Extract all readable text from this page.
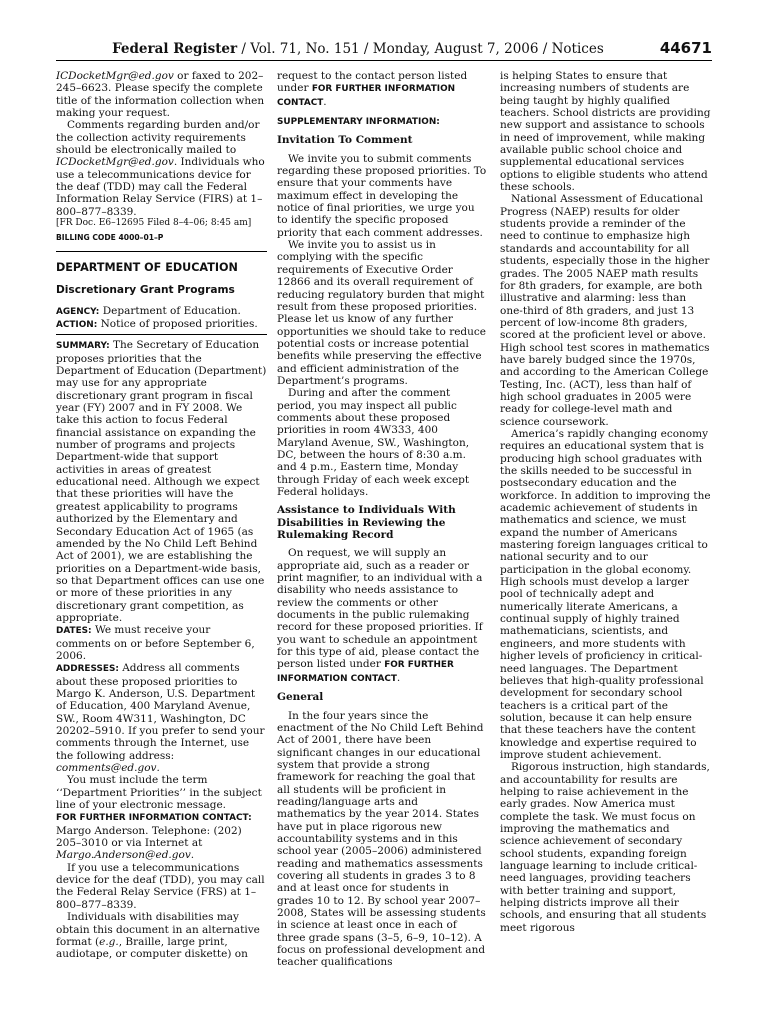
Federal Register / Vol. 71, No. 151 / Monday, August 7, 2006 / Notices	44671

ICDocketMgr@ed.gov or faxed to 202–245–6623. Please specify the complete title of the information collection when making your request.

Comments regarding burden and/or the collection activity requirements should be electronically mailed to ICDocketMgr@ed.gov. Individuals who use a telecommunications device for the deaf (TDD) may call the Federal Information Relay Service (FIRS) at 1–800–877–8339.

[FR Doc. E6–12695 Filed 8–4–06; 8:45 am]

BILLING CODE 4000–01–P

DEPARTMENT OF EDUCATION

Discretionary Grant Programs

AGENCY: Department of Education.

ACTION: Notice of proposed priorities.

SUMMARY: The Secretary of Education proposes priorities that the Department of Education (Department) may use for any appropriate discretionary grant program in fiscal year (FY) 2007 and in FY 2008. We take this action to focus Federal financial assistance on expanding the number of programs and projects Department-wide that support activities in areas of greatest educational need. Although we expect that these priorities will have the greatest applicability to programs authorized by the Elementary and Secondary Education Act of 1965 (as amended by the No Child Left Behind Act of 2001), we are establishing the priorities on a Department-wide basis, so that Department offices can use one or more of these priorities in any discretionary grant competition, as appropriate.

DATES: We must receive your comments on or before September 6, 2006.

ADDRESSES: Address all comments about these proposed priorities to Margo K. Anderson, U.S. Department of Education, 400 Maryland Avenue, SW., Room 4W311, Washington, DC 20202–5910. If you prefer to send your comments through the Internet, use the following address: comments@ed.gov.

You must include the term ‘‘Department Priorities’’ in the subject line of your electronic message.

FOR FURTHER INFORMATION CONTACT:

Margo Anderson. Telephone: (202) 205–3010 or via Internet at Margo.Anderson@ed.gov.

If you use a telecommunications device for the deaf (TDD), you may call the Federal Relay Service (FRS) at 1–800–877–8339.

Individuals with disabilities may obtain this document in an alternative format (e.g., Braille, large print, audiotape, or computer diskette) on

request to the contact person listed under FOR FURTHER INFORMATION CONTACT.

SUPPLEMENTARY INFORMATION:

Invitation To Comment

We invite you to submit comments regarding these proposed priorities. To ensure that your comments have maximum effect in developing the notice of final priorities, we urge you to identify the specific proposed priority that each comment addresses.

We invite you to assist us in complying with the specific requirements of Executive Order 12866 and its overall requirement of reducing regulatory burden that might result from these proposed priorities. Please let us know of any further opportunities we should take to reduce potential costs or increase potential benefits while preserving the effective and efficient administration of the Department’s programs.

During and after the comment period, you may inspect all public comments about these proposed priorities in room 4W333, 400 Maryland Avenue, SW., Washington, DC, between the hours of 8:30 a.m. and 4 p.m., Eastern time, Monday through Friday of each week except Federal holidays.

Assistance to Individuals With Disabilities in Reviewing the Rulemaking Record

On request, we will supply an appropriate aid, such as a reader or print magnifier, to an individual with a disability who needs assistance to review the comments or other documents in the public rulemaking record for these proposed priorities. If you want to schedule an appointment for this type of aid, please contact the person listed under FOR FURTHER INFORMATION CONTACT.

General

In the four years since the enactment of the No Child Left Behind Act of 2001, there have been significant changes in our educational system that provide a strong framework for reaching the goal that all students will be proficient in reading/language arts and mathematics by the year 2014. States have put in place rigorous new accountability systems and in this school year (2005–2006) administered reading and mathematics assessments covering all students in grades 3 to 8 and at least once for students in grades 10 to 12. By school year 2007–2008, States will be assessing students in science at least once in each of three grade spans (3–5, 6–9, 10–12). A focus on professional development and teacher qualifications

is helping States to ensure that increasing numbers of students are being taught by highly qualified teachers. School districts are providing new support and assistance to schools in need of improvement, while making available public school choice and supplemental educational services options to eligible students who attend these schools.

National Assessment of Educational Progress (NAEP) results for older students provide a reminder of the need to continue to emphasize high standards and accountability for all students, especially those in the higher grades. The 2005 NAEP math results for 8th graders, for example, are both illustrative and alarming: less than one-third of 8th graders, and just 13 percent of low-income 8th graders, scored at the proficient level or above. High school test scores in mathematics have barely budged since the 1970s, and according to the American College Testing, Inc. (ACT), less than half of high school graduates in 2005 were ready for college-level math and science coursework.

America’s rapidly changing economy requires an educational system that is producing high school graduates with the skills needed to be successful in postsecondary education and the workforce. In addition to improving the academic achievement of students in mathematics and science, we must expand the number of Americans mastering foreign languages critical to national security and to our participation in the global economy. High schools must develop a larger pool of technically adept and numerically literate Americans, a continual supply of highly trained mathematicians, scientists, and engineers, and more students with higher levels of proficiency in critical-need languages. The Department believes that high-quality professional development for secondary school teachers is a critical part of the solution, because it can help ensure that these teachers have the content knowledge and expertise required to improve student achievement.

Rigorous instruction, high standards, and accountability for results are helping to raise achievement in the early grades. Now America must complete the task. We must focus on improving the mathematics and science achievement of secondary school students, expanding foreign language learning to include critical-need languages, providing teachers with better training and support, helping districts improve all their schools, and ensuring that all students meet rigorous
